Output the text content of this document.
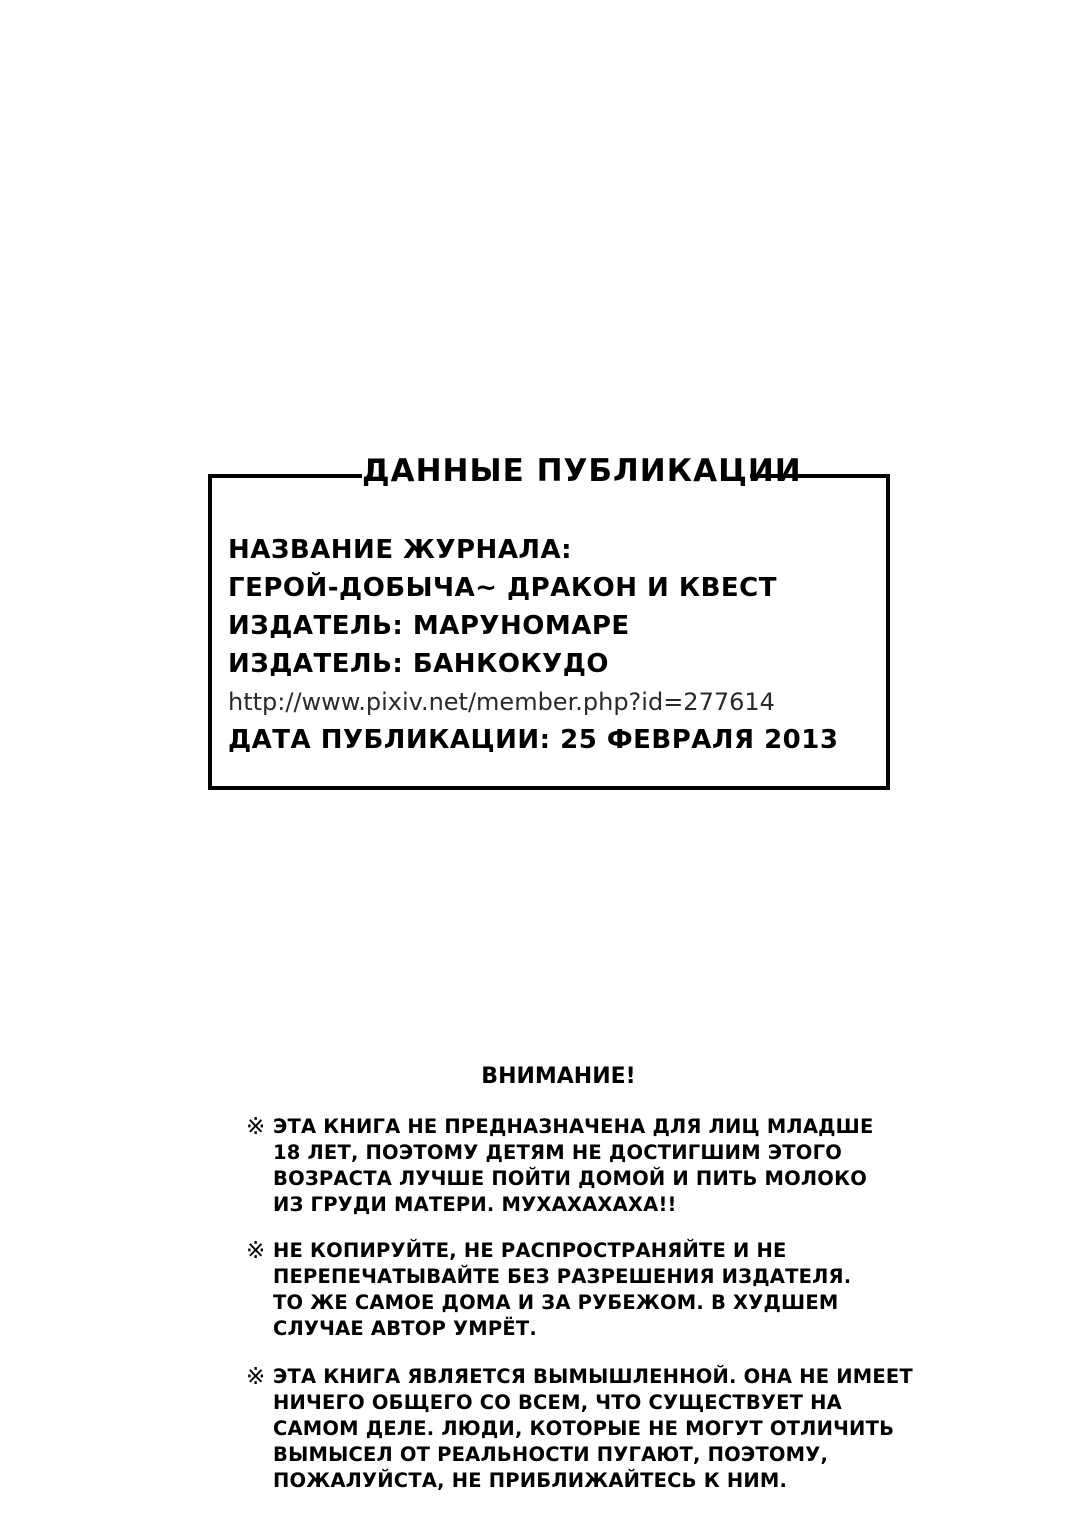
ДАННЫЕ ПУБЛИКАЦИИ
НАЗВАНИЕ ЖУРНАЛА:
ГЕРОЙ-ДОБЫЧА~ ДРАКОН И КВЕСТ
ИЗДАТЕЛЬ: МАРУНОМАРЕ
ИЗДАТЕЛЬ: БАНКОКУДО
http://www.pixiv.net/member.php?id=277614
ДАТА ПУБЛИКАЦИИ: 25 ФЕВРАЛЯ 2013
ВНИМАНИЕ!
※ ЭТА КНИГА НЕ ПРЕДНАЗНАЧЕНА ДЛЯ ЛИЦ МЛАДШЕ
18 ЛЕТ, ПОЭТОМУ ДЕТЯМ НЕ ДОСТИГШИМ ЭТОГО
ВОЗРАСТА ЛУЧШЕ ПОЙТИ ДОМОЙ И ПИТЬ МОЛОКО
ИЗ ГРУДИ МАТЕРИ. МУХАХАХАХА!!
※ НЕ КОПИРУЙТЕ, НЕ РАСПРОСТРАНЯЙТЕ И НЕ
ПЕРЕПЕЧАТЫВАЙТЕ БЕЗ РАЗРЕШЕНИЯ ИЗДАТЕЛЯ.
ТО ЖЕ САМОЕ ДОМА И ЗА РУБЕЖОМ. В ХУДШЕМ
СЛУЧАЕ АВТОР УМРЁТ.
※ ЭТА КНИГА ЯВЛЯЕТСЯ ВЫМЫШЛЕННОЙ. ОНА НЕ ИМЕЕТ
НИЧЕГО ОБЩЕГО СО ВСЕМ, ЧТО СУЩЕСТВУЕТ НА
САМОМ ДЕЛЕ. ЛЮДИ, КОТОРЫЕ НЕ МОГУТ ОТЛИЧИТЬ
ВЫМЫСЕЛ ОТ РЕАЛЬНОСТИ ПУГАЮТ, ПОЭТОМУ,
ПОЖАЛУЙСТА, НЕ ПРИБЛИЖАЙТЕСЬ К НИМ.
